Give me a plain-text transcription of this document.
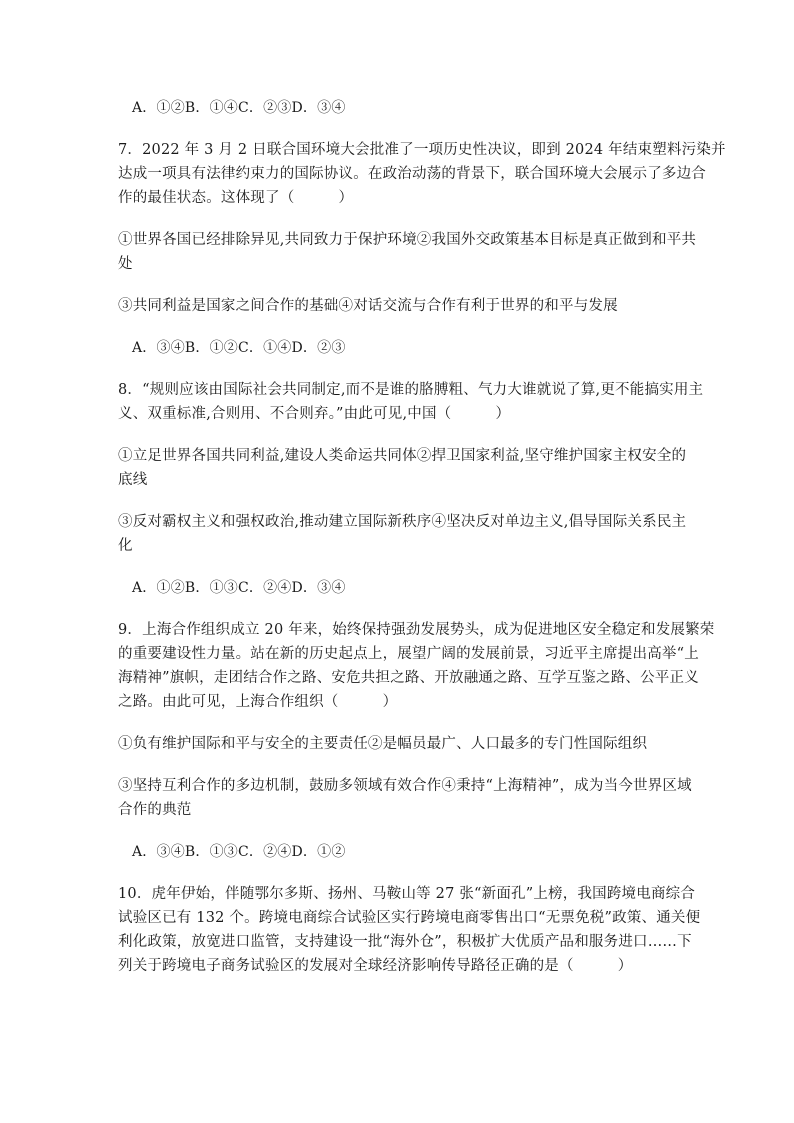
A．①②B．①④C．②③D．③④
7．2022 年 3 月 2 日联合国环境大会批准了一项历史性决议，即到 2024 年结束塑料污染并
达成一项具有法律约束力的国际协议。在政治动荡的背景下，联合国环境大会展示了多边合
作的最佳状态。这体现了（　　　）
①世界各国已经排除异见,共同致力于保护环境②我国外交政策基本目标是真正做到和平共
处
③共同利益是国家之间合作的基础④对话交流与合作有利于世界的和平与发展
A．③④B．①②C．①④D．②③
8．“规则应该由国际社会共同制定,而不是谁的胳膊粗、气力大谁就说了算,更不能搞实用主
义、双重标准,合则用、不合则弃。”由此可见,中国（　　　）
①立足世界各国共同利益,建设人类命运共同体②捍卫国家利益,坚守维护国家主权安全的
底线
③反对霸权主义和强权政治,推动建立国际新秩序④坚决反对单边主义,倡导国际关系民主
化
A．①②B．①③C．②④D．③④
9．上海合作组织成立 20 年来，始终保持强劲发展势头，成为促进地区安全稳定和发展繁荣
的重要建设性力量。站在新的历史起点上，展望广阔的发展前景，习近平主席提出高举“上
海精神”旗帜，走团结合作之路、安危共担之路、开放融通之路、互学互鉴之路、公平正义
之路。由此可见，上海合作组织（　　　）
①负有维护国际和平与安全的主要责任②是幅员最广、人口最多的专门性国际组织
③坚持互利合作的多边机制，鼓励多领域有效合作④秉持“上海精神”，成为当今世界区域
合作的典范
A．③④B．①③C．②④D．①②
10．虎年伊始，伴随鄂尔多斯、扬州、马鞍山等 27 张“新面孔”上榜，我国跨境电商综合
试验区已有 132 个。跨境电商综合试验区实行跨境电商零售出口“无票免税”政策、通关便
利化政策，放宽进口监管，支持建设一批“海外仓”，积极扩大优质产品和服务进口……下
列关于跨境电子商务试验区的发展对全球经济影响传导路径正确的是（　　　）
